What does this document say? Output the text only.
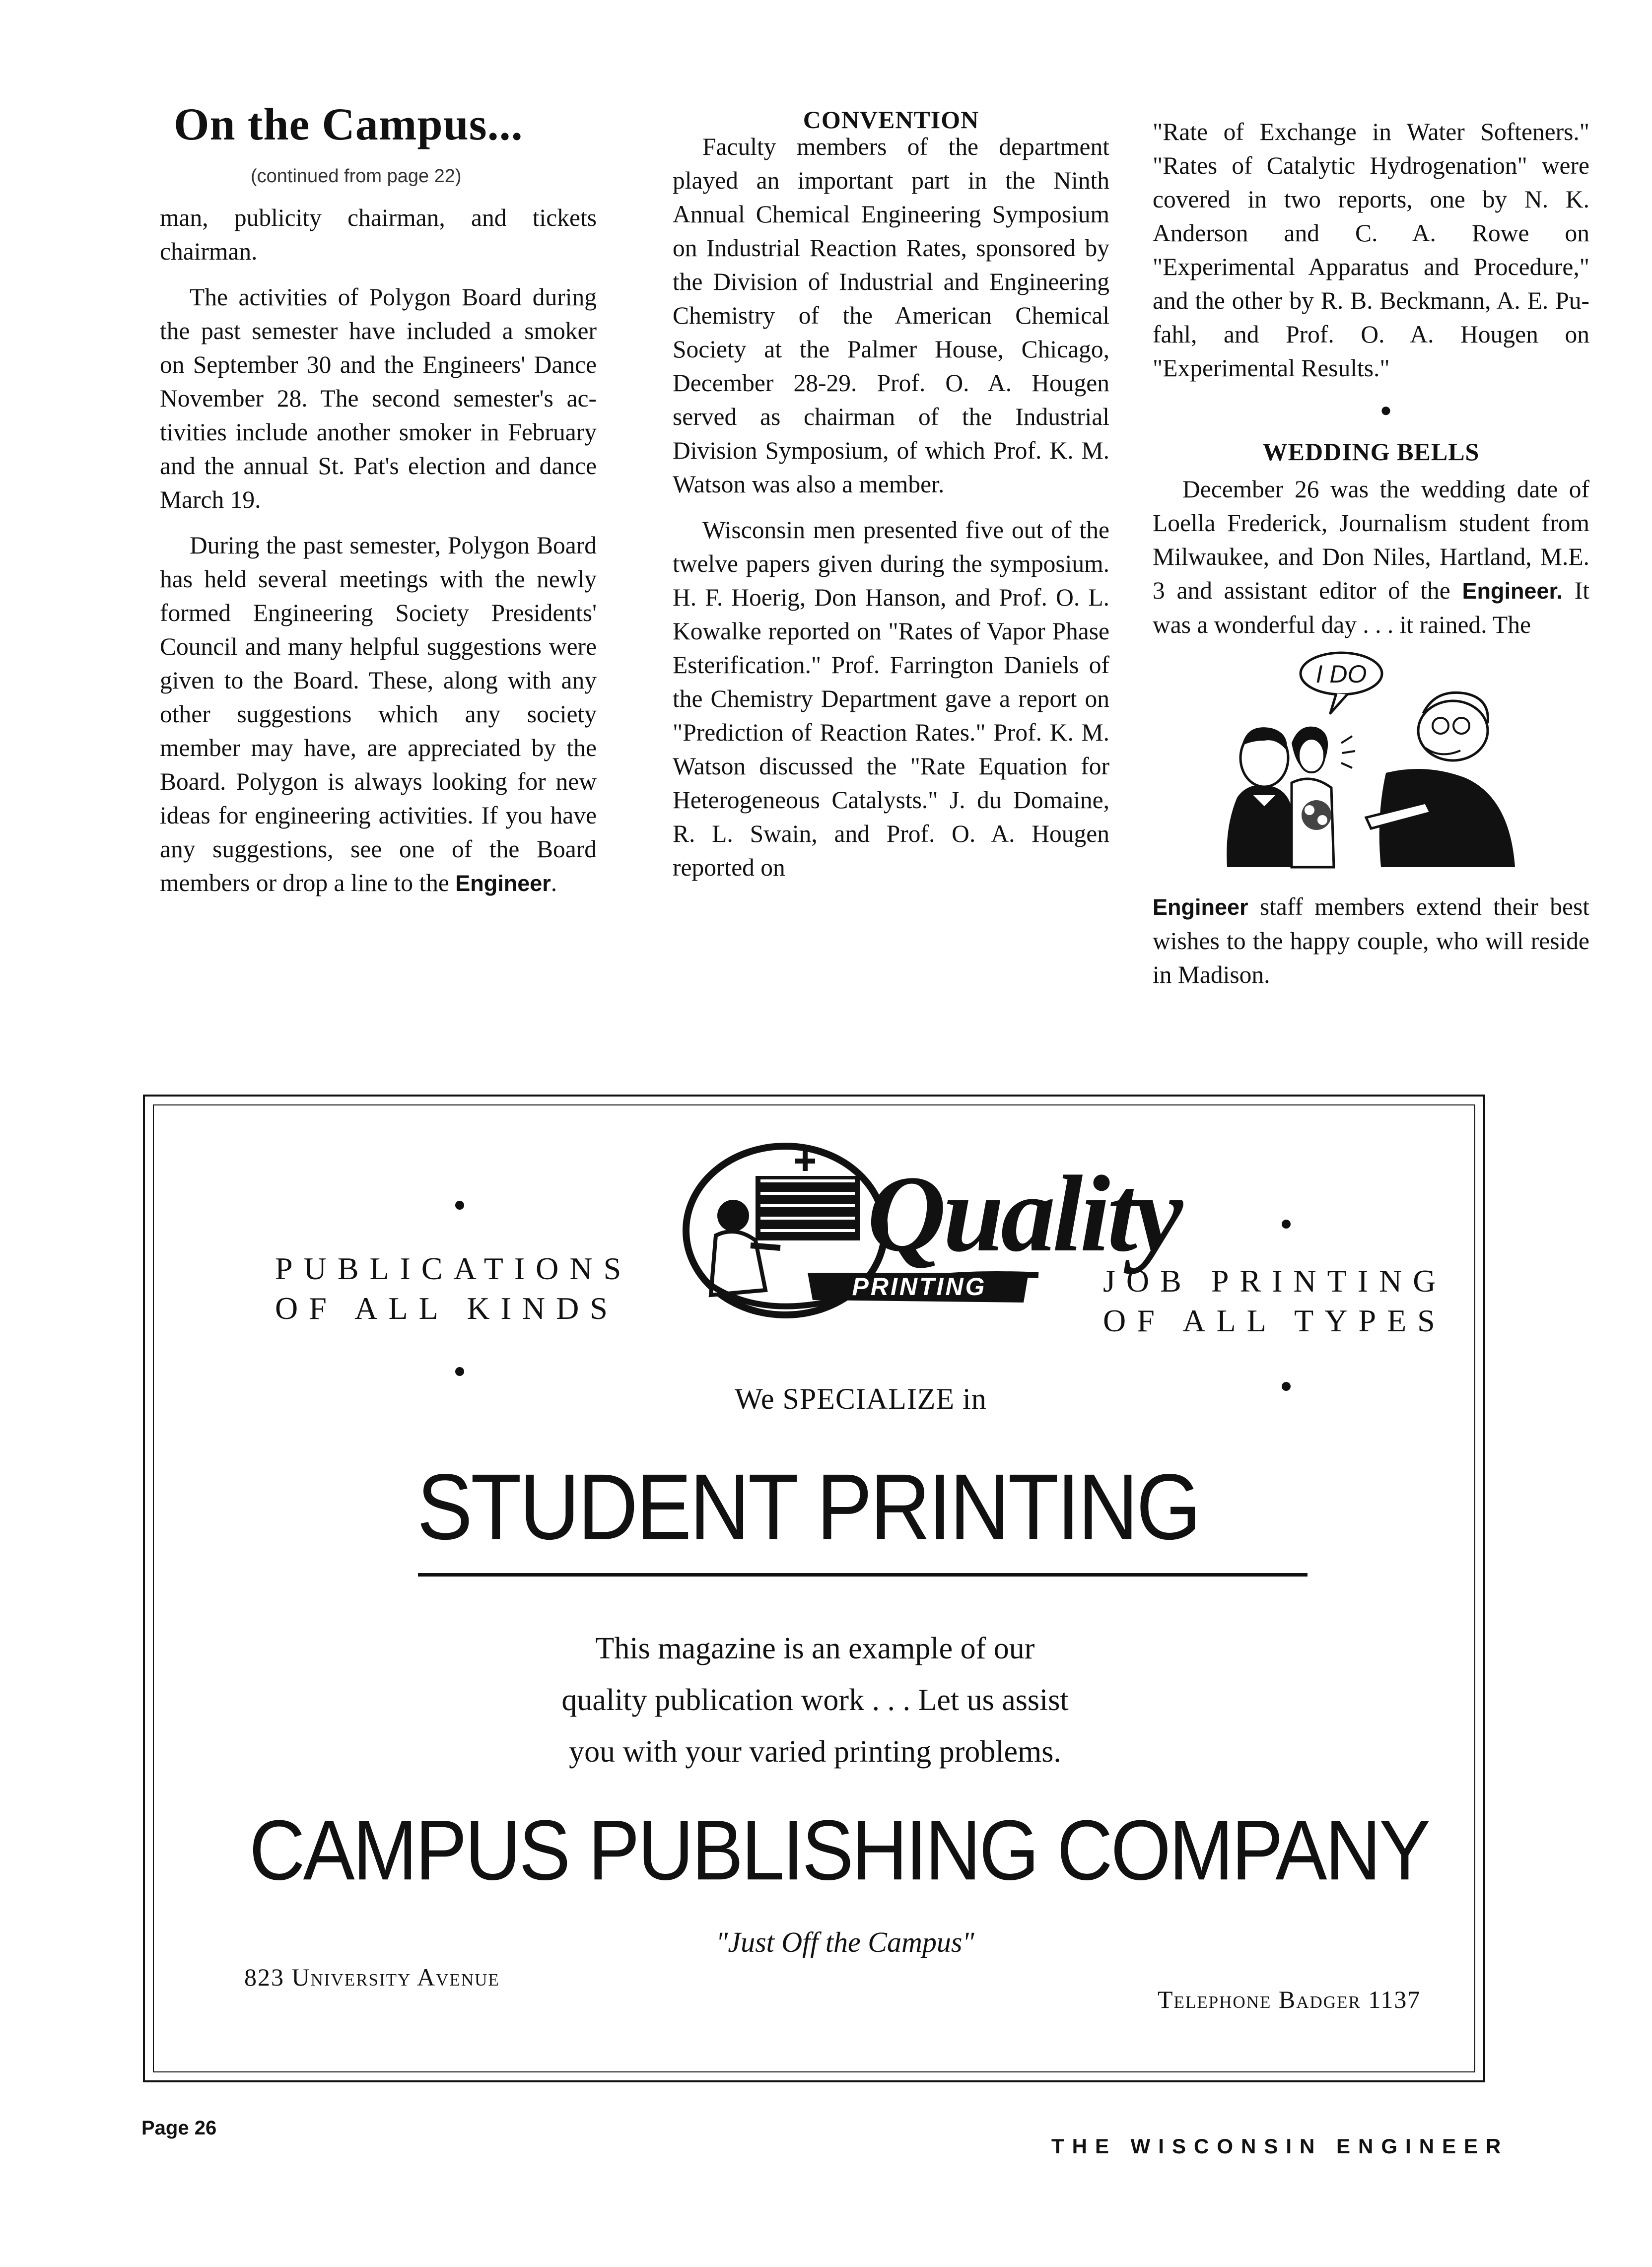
On the Campus...
(continued from page 22)

man, publicity chairman, and tickets chairman.

The activities of Polygon Board during the past semester have included a smoker on September 30 and the Engineers' Dance November 28. The second semester's activities include another smoker in February and the annual St. Pat's election and dance March 19.

During the past semester, Polygon Board has held several meetings with the newly formed Engineering Society Presidents' Council and many helpful suggestions were given to the Board. These, along with any other suggestions which any society member may have, are appreciated by the Board. Polygon is always looking for new ideas for engineering activities. If you have any suggestions, see one of the Board members or drop a line to the Engineer.

CONVENTION

Faculty members of the department played an important part in the Ninth Annual Chemical Engineering Symposium on Industrial Reaction Rates, sponsored by the Division of Industrial and Engineering Chemistry of the American Chemical Society at the Palmer House, Chicago, December 28-29. Prof. O. A. Hougen served as chairman of the Industrial Division Symposium, of which Prof. K. M. Watson was also a member.

Wisconsin men presented five out of the twelve papers given during the symposium. H. F. Hoerig, Don Hanson, and Prof. O. L. Kowalke reported on "Rates of Vapor Phase Esterification." Prof. Farrington Daniels of the Chemistry Department gave a report on "Prediction of Reaction Rates." Prof. K. M. Watson discussed the "Rate Equation for Heterogeneous Catalysts." J. du Domaine, R. L. Swain, and Prof. O. A. Hougen reported on

"Rate of Exchange in Water Softeners." "Rates of Catalytic Hydrogenation" were covered in two reports, one by N. K. Anderson and C. A. Rowe on "Experimental Apparatus and Procedure," and the other by R. B. Beckmann, A. E. Pufahl, and Prof. O. A. Hougen on "Experimental Results."

●

WEDDING BELLS

December 26 was the wedding date of Loella Frederick, Journalism student from Milwaukee, and Don Niles, Hartland, M.E. 3 and assistant editor of the Engineer. It was a wonderful day . . . it rained. The

I DO

Engineer staff members extend their best wishes to the happy couple, who will reside in Madison.

PUBLICATIONS
OF ALL KINDS
Quality
PRINTING	JOB PRINTING
OF ALL TYPES
We SPECIALIZE in
STUDENT PRINTING
This magazine is an example of our
quality publication work . . . Let us assist
you with your varied printing problems.
CAMPUS PUBLISHING COMPANY
"Just Off the Campus"
823 University Avenue
Telephone Badger 1137
Page 26
THE WISCONSIN ENGINEER
